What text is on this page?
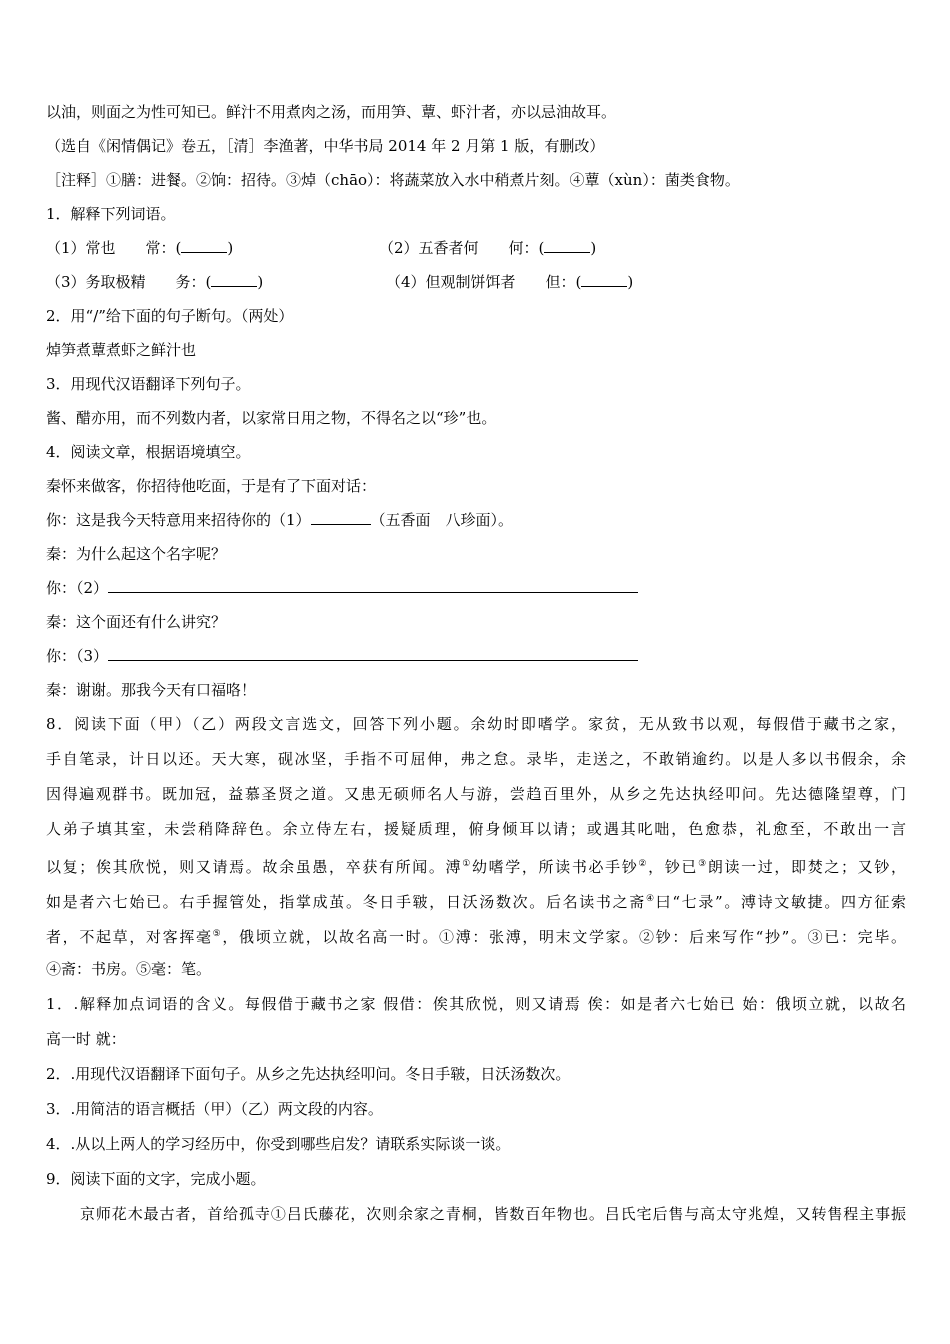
以油，则面之为性可知已。鲜汁不用煮肉之汤，而用笋、蕈、虾汁者，亦以忌油故耳。
（选自《闲情偶记》卷五，［清］李渔著，中华书局 2014 年 2 月第 1 版，有删改）
［注释］①膳：进餐。②饷：招待。③焯（chāo）：将蔬菜放入水中稍煮片刻。④蕈（xùn）：菌类食物。
1．解释下列词语。
（1）常也　　常：(	)	（2）五香者何　　何：(	)
（3）务取极精　　务：(	)	（4）但观制饼饵者　　但：(	)
2．用“/”给下面的句子断句。（两处）
焯笋煮蕈煮虾之鲜汁也
3．用现代汉语翻译下列句子。
酱、醋亦用，而不列数内者，以家常日用之物，不得名之以“珍”也。
4．阅读文章，根据语境填空。
秦怀来做客，你招待他吃面，于是有了下面对话：
你：这是我今天特意用来招待你的（1）	（五香面　八珍面）。
秦：为什么起这个名字呢？
你：（2）
秦：这个面还有什么讲究？
你：（3）
秦：谢谢。那我今天有口福咯！
8．阅读下面（甲）（乙）两段文言选文，回答下列小题。余幼时即嗜学。家贫，无从致书以观，每假借于藏书之家，
手自笔录，计日以还。天大寒，砚冰坚，手指不可屈伸，弗之怠。录毕，走送之，不敢销逾约。以是人多以书假余，余
因得遍观群书。既加冠，益慕圣贤之道。又患无硕师名人与游，尝趋百里外，从乡之先达执经叩问。先达德隆望尊，门
人弟子填其室，未尝稍降辞色。余立侍左右，援疑质理，俯身倾耳以请；或遇其叱咄，色愈恭，礼愈至，不敢出一言
以复；俟其欣悦，则又请焉。故余虽愚，卒获有所闻。溥①幼嗜学，所读书必手钞②，钞已③朗读一过，即焚之；又钞，
如是者六七始已。右手握管处，指掌成茧。冬日手皲，日沃汤数次。后名读书之斋④曰“七录”。溥诗文敏捷。四方征索
者，不起草，对客挥毫⑤，俄顷立就，以故名高一时。①溥：张溥，明末文学家。②钞：后来写作“抄”。③已：完毕。
④斋：书房。⑤毫：笔。
1．.解释加点词语的含义。每假借于藏书之家 假借：俟其欣悦，则又请焉 俟：如是者六七始已 始：俄顷立就，以故名
高一时 就：
2．.用现代汉语翻译下面句子。从乡之先达执经叩问。冬日手皲，日沃汤数次。
3．.用简洁的语言概括（甲）（乙）两文段的内容。
4．.从以上两人的学习经历中，你受到哪些启发？请联系实际谈一谈。
9．阅读下面的文字，完成小题。
京师花木最古者，首给孤寺①吕氏藤花，次则余家之青桐，皆数百年物也。吕氏宅后售与高太守兆煌，又转售程主事振
